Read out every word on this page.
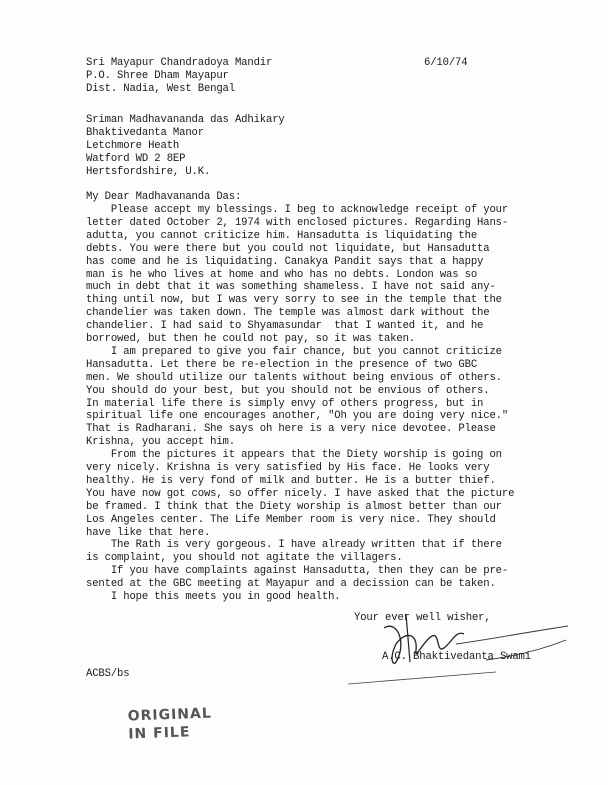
Sri Mayapur Chandradoya Mandir
P.O. Shree Dham Mayapur
Dist. Nadia, West Bengal
6/10/74
Sriman Madhavananda das Adhikary
Bhaktivedanta Manor
Letchmore Heath
Watford WD 2 8EP
Hertsfordshire, U.K.
My Dear Madhavananda Das:
Please accept my blessings. I beg to acknowledge receipt of your
letter dated October 2, 1974 with enclosed pictures. Regarding Hans-
adutta, you cannot criticize him. Hansadutta is liquidating the
debts. You were there but you could not liquidate, but Hansadutta
has come and he is liquidating. Canakya Pandit says that a happy
man is he who lives at home and who has no debts. London was so
much in debt that it was something shameless. I have not said any-
thing until now, but I was very sorry to see in the temple that the
chandelier was taken down. The temple was almost dark without the
chandelier. I had said to Shyamasundar  that I wanted it, and he
borrowed, but then he could not pay, so it was taken.
I am prepared to give you fair chance, but you cannot criticize
Hansadutta. Let there be re-election in the presence of two GBC
men. We should utilize our talents without being envious of others.
You should do your best, but you should not be envious of others.
In material life there is simply envy of others progress, but in
spiritual life one encourages another, "Oh you are doing very nice."
That is Radharani. She says oh here is a very nice devotee. Please
Krishna, you accept him.
From the pictures it appears that the Diety worship is going on
very nicely. Krishna is very satisfied by His face. He looks very
healthy. He is very fond of milk and butter. He is a butter thief.
You have now got cows, so offer nicely. I have asked that the picture
be framed. I think that the Diety worship is almost better than our
Los Angeles center. The Life Member room is very nice. They should
have like that here.
The Rath is very gorgeous. I have already written that if there
is complaint, you should not agitate the villagers.
If you have complaints against Hansadutta, then they can be pre-
sented at the GBC meeting at Mayapur and a decission can be taken.
I hope this meets you in good health.
Your ever well wisher,
A.C. Bhaktivedanta Swami
ACBS/bs
ORIGINAL
IN FILE
